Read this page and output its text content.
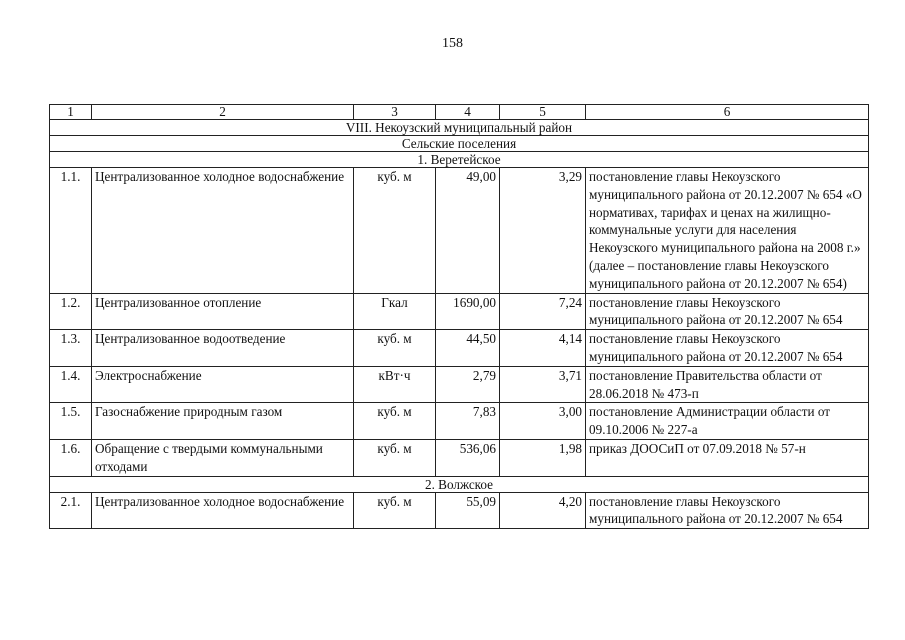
158
1	2	3	4	5	6
VIII. Некоузский муниципальный район					
Сельские поселения					
1. Веретейское					
1.1.	Централизованное холодное водоснабжение	куб. м	49,00	3,29	постановление главы Некоузского муниципального района от 20.12.2007 № 654 «О нормативах, тарифах и ценах на жилищно-коммунальные услуги для населения Некоузского муниципального района на 2008 г.» (далее – постановление главы Некоузского муниципального района от 20.12.2007 № 654)
1.2.	Централизованное отопление	Гкал	1690,00	7,24	постановление главы Некоузского муниципального района от 20.12.2007 № 654
1.3.	Централизованное водоотведение	куб. м	44,50	4,14	постановление главы Некоузского муниципального района от 20.12.2007 № 654
1.4.	Электроснабжение	кВт·ч	2,79	3,71	постановление Правительства области от 28.06.2018 № 473-п
1.5.	Газоснабжение природным газом	куб. м	7,83	3,00	постановление Администрации области от 09.10.2006 № 227-а
1.6.	Обращение с твердыми коммунальными отходами	куб. м	536,06	1,98	приказ ДООСиП от 07.09.2018 № 57-н
2. Волжское					
2.1.	Централизованное холодное водоснабжение	куб. м	55,09	4,20	постановление главы Некоузского муниципального района от 20.12.2007 № 654
